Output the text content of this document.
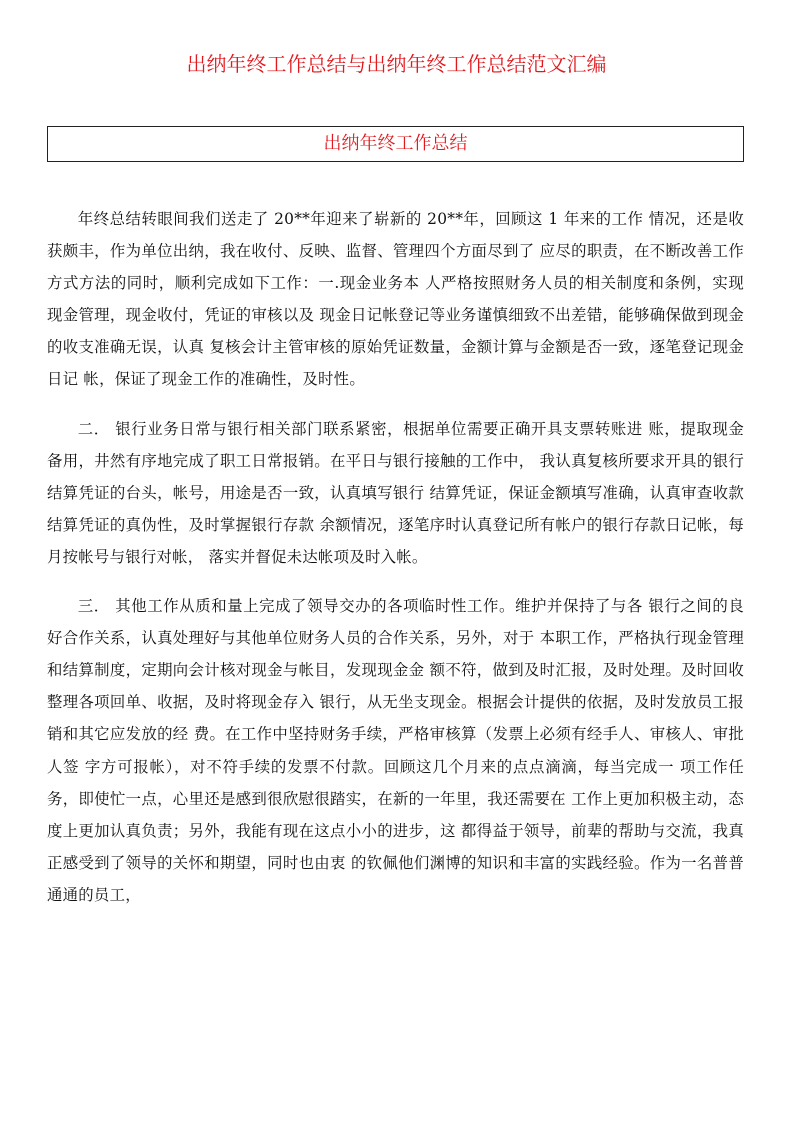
出纳年终工作总结与出纳年终工作总结范文汇编
出纳年终工作总结

年终总结转眼间我们送走了 20**年迎来了崭新的 20**年，回顾这 1 年来的工作 情况，还是收获颇丰，作为单位出纳，我在收付、反映、监督、管理四个方面尽到了 应尽的职责，在不断改善工作方式方法的同时，顺利完成如下工作：一.现金业务本 人严格按照财务人员的相关制度和条例，实现现金管理，现金收付，凭证的审核以及 现金日记帐登记等业务谨慎细致不出差错，能够确保做到现金的收支准确无误，认真 复核会计主管审核的原始凭证数量，金额计算与金额是否一致，逐笔登记现金日记 帐，保证了现金工作的准确性，及时性。

二． 银行业务日常与银行相关部门联系紧密，根据单位需要正确开具支票转账进 账，提取现金备用，井然有序地完成了职工日常报销。在平日与银行接触的工作中， 我认真复核所要求开具的银行结算凭证的台头，帐号，用途是否一致，认真填写银行 结算凭证，保证金额填写准确，认真审查收款结算凭证的真伪性，及时掌握银行存款 余额情况，逐笔序时认真登记所有帐户的银行存款日记帐，每月按帐号与银行对帐， 落实并督促未达帐项及时入帐。

三． 其他工作从质和量上完成了领导交办的各项临时性工作。维护并保持了与各 银行之间的良好合作关系，认真处理好与其他单位财务人员的合作关系，另外，对于 本职工作，严格执行现金管理和结算制度，定期向会计核对现金与帐目，发现现金金 额不符，做到及时汇报，及时处理。及时回收整理各项回单、收据，及时将现金存入 银行，从无坐支现金。根据会计提供的依据，及时发放员工报销和其它应发放的经 费。在工作中坚持财务手续，严格审核算（发票上必须有经手人、审核人、审批人签 字方可报帐），对不符手续的发票不付款。回顾这几个月来的点点滴滴，每当完成一 项工作任务，即使忙一点，心里还是感到很欣慰很踏实，在新的一年里，我还需要在 工作上更加积极主动，态度上更加认真负责；另外，我能有现在这点小小的进步，这 都得益于领导，前辈的帮助与交流，我真正感受到了领导的关怀和期望，同时也由衷 的钦佩他们渊博的知识和丰富的实践经验。作为一名普普通通的员工，
